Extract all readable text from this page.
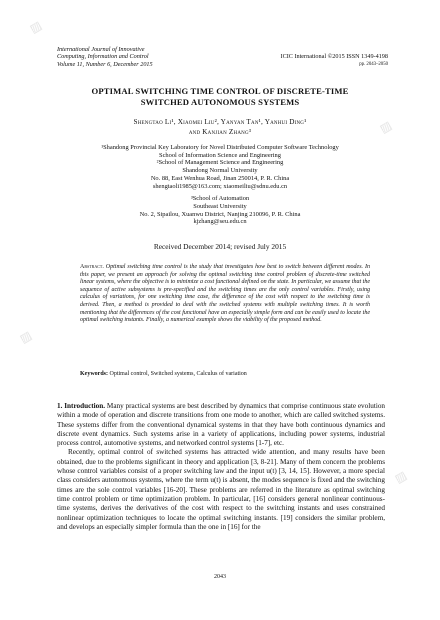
International Journal of Innovative
Computing, Information and Control
Volume 11, Number 6, December 2015
ICIC International ©2015 ISSN 1349-4198
pp. 2043–2050
OPTIMAL SWITCHING TIME CONTROL OF DISCRETE-TIME
SWITCHED AUTONOMOUS SYSTEMS
Shengtao Li¹, Xiaomei Liu², Yanyan Tan¹, Yanhui Ding¹
and Kanjian Zhang³
¹Shandong Provincial Key Laboratory for Novel Distributed Computer Software Technology
School of Information Science and Engineering
²School of Management Science and Engineering
Shandong Normal University
No. 88, East Wenhua Road, Jinan 250014, P. R. China
shengtaoli1985@163.com; xiaomeiliu@sdnu.edu.cn
³School of Automation
Southeast University
No. 2, Sipailou, Xuanwu District, Nanjing 210096, P. R. China
kjzhang@seu.edu.cn
Received December 2014; revised July 2015
Abstract. Optimal switching time control is the study that investigates how best to switch between different modes. In this paper, we present an approach for solving the optimal switching time control problem of discrete-time switched linear systems, where the objective is to minimize a cost functional defined on the state. In particular, we assume that the sequence of active subsystems is pre-specified and the switching times are the only control variables. Firstly, using calculus of variations, for one switching time case, the difference of the cost with respect to the switching time is derived. Then, a method is provided to deal with the switched systems with multiple switching times. It is worth mentioning that the differences of the cost functional have an especially simple form and can be easily used to locate the optimal switching instants. Finally, a numerical example shows the viability of the proposed method.
Keywords: Optimal control, Switched systems, Calculus of variation

1. Introduction. Many practical systems are best described by dynamics that comprise continuous state evolution within a mode of operation and discrete transitions from one mode to another, which are called switched systems. These systems differ from the conventional dynamical systems in that they have both continuous dynamics and discrete event dynamics. Such systems arise in a variety of applications, including power systems, industrial process control, automotive systems, and networked control systems [1-7], etc.

Recently, optimal control of switched systems has attracted wide attention, and many results have been obtained, due to the problems significant in theory and application [3, 8-21]. Many of them concern the problems whose control variables consist of a proper switching law and the input u(t) [3, 14, 15]. However, a more special class considers autonomous systems, where the term u(t) is absent, the modes sequence is fixed and the switching times are the sole control variables [16-20]. These problems are referred in the literature as optimal switching time control problem or time optimization problem. In particular, [16] considers general nonlinear continuous-time systems, derives the derivatives of the cost with respect to the switching instants and uses constrained nonlinear optimization techniques to locate the optimal switching instants. [19] considers the similar problem, and develops an especially simpler formula than the one in [16] for the

2043
▨
▨
▨
▨
